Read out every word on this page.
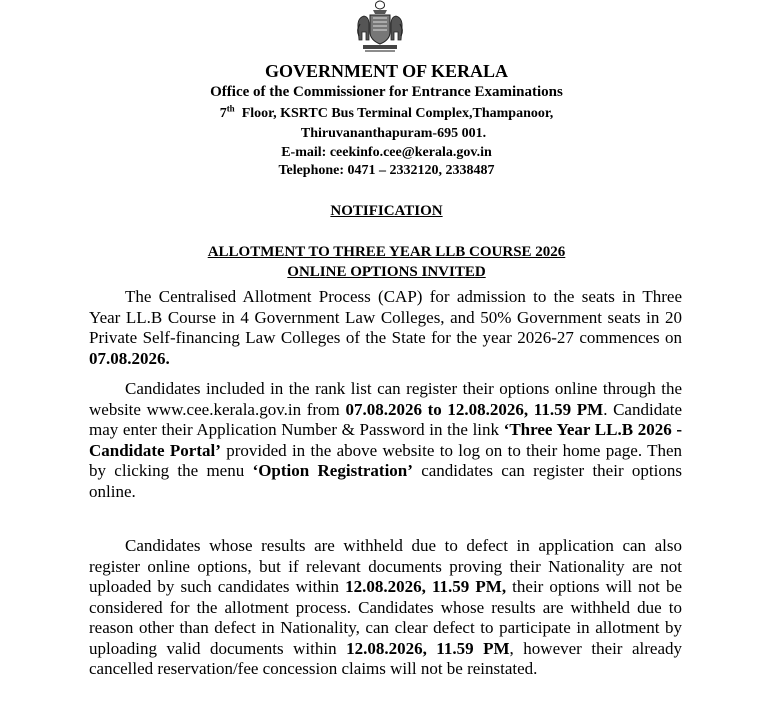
GOVERNMENT OF KERALA
Office of the Commissioner for Entrance Examinations
7th Floor, KSRTC Bus Terminal Complex,Thampanoor,
Thiruvananthapuram-695 001.
E-mail: ceekinfo.cee@kerala.gov.in
Telephone: 0471 – 2332120, 2338487
NOTIFICATION
ALLOTMENT TO THREE YEAR LLB COURSE 2026
ONLINE OPTIONS INVITED

The Centralised Allotment Process (CAP) for admission to the seats in Three Year LL.B Course in 4 Government Law Colleges, and 50% Government seats in 20 Private Self-financing Law Colleges of the State for the year 2026-27 commences on 07.08.2026.

Candidates included in the rank list can register their options online through the website www.cee.kerala.gov.in from 07.08.2026 to 12.08.2026, 11.59 PM. Candidate may enter their Application Number & Password in the link ‘Three Year LL.B 2026 - Candidate Portal’ provided in the above website to log on to their home page. Then by clicking the menu ‘Option Registration’ candidates can register their options online.

Candidates whose results are withheld due to defect in application can also register online options, but if relevant documents proving their Nationality are not uploaded by such candidates within 12.08.2026, 11.59 PM, their options will not be considered for the allotment process. Candidates whose results are withheld due to reason other than defect in Nationality, can clear defect to participate in allotment by uploading valid documents within 12.08.2026, 11.59 PM, however their already cancelled reservation/fee concession claims will not be reinstated.
